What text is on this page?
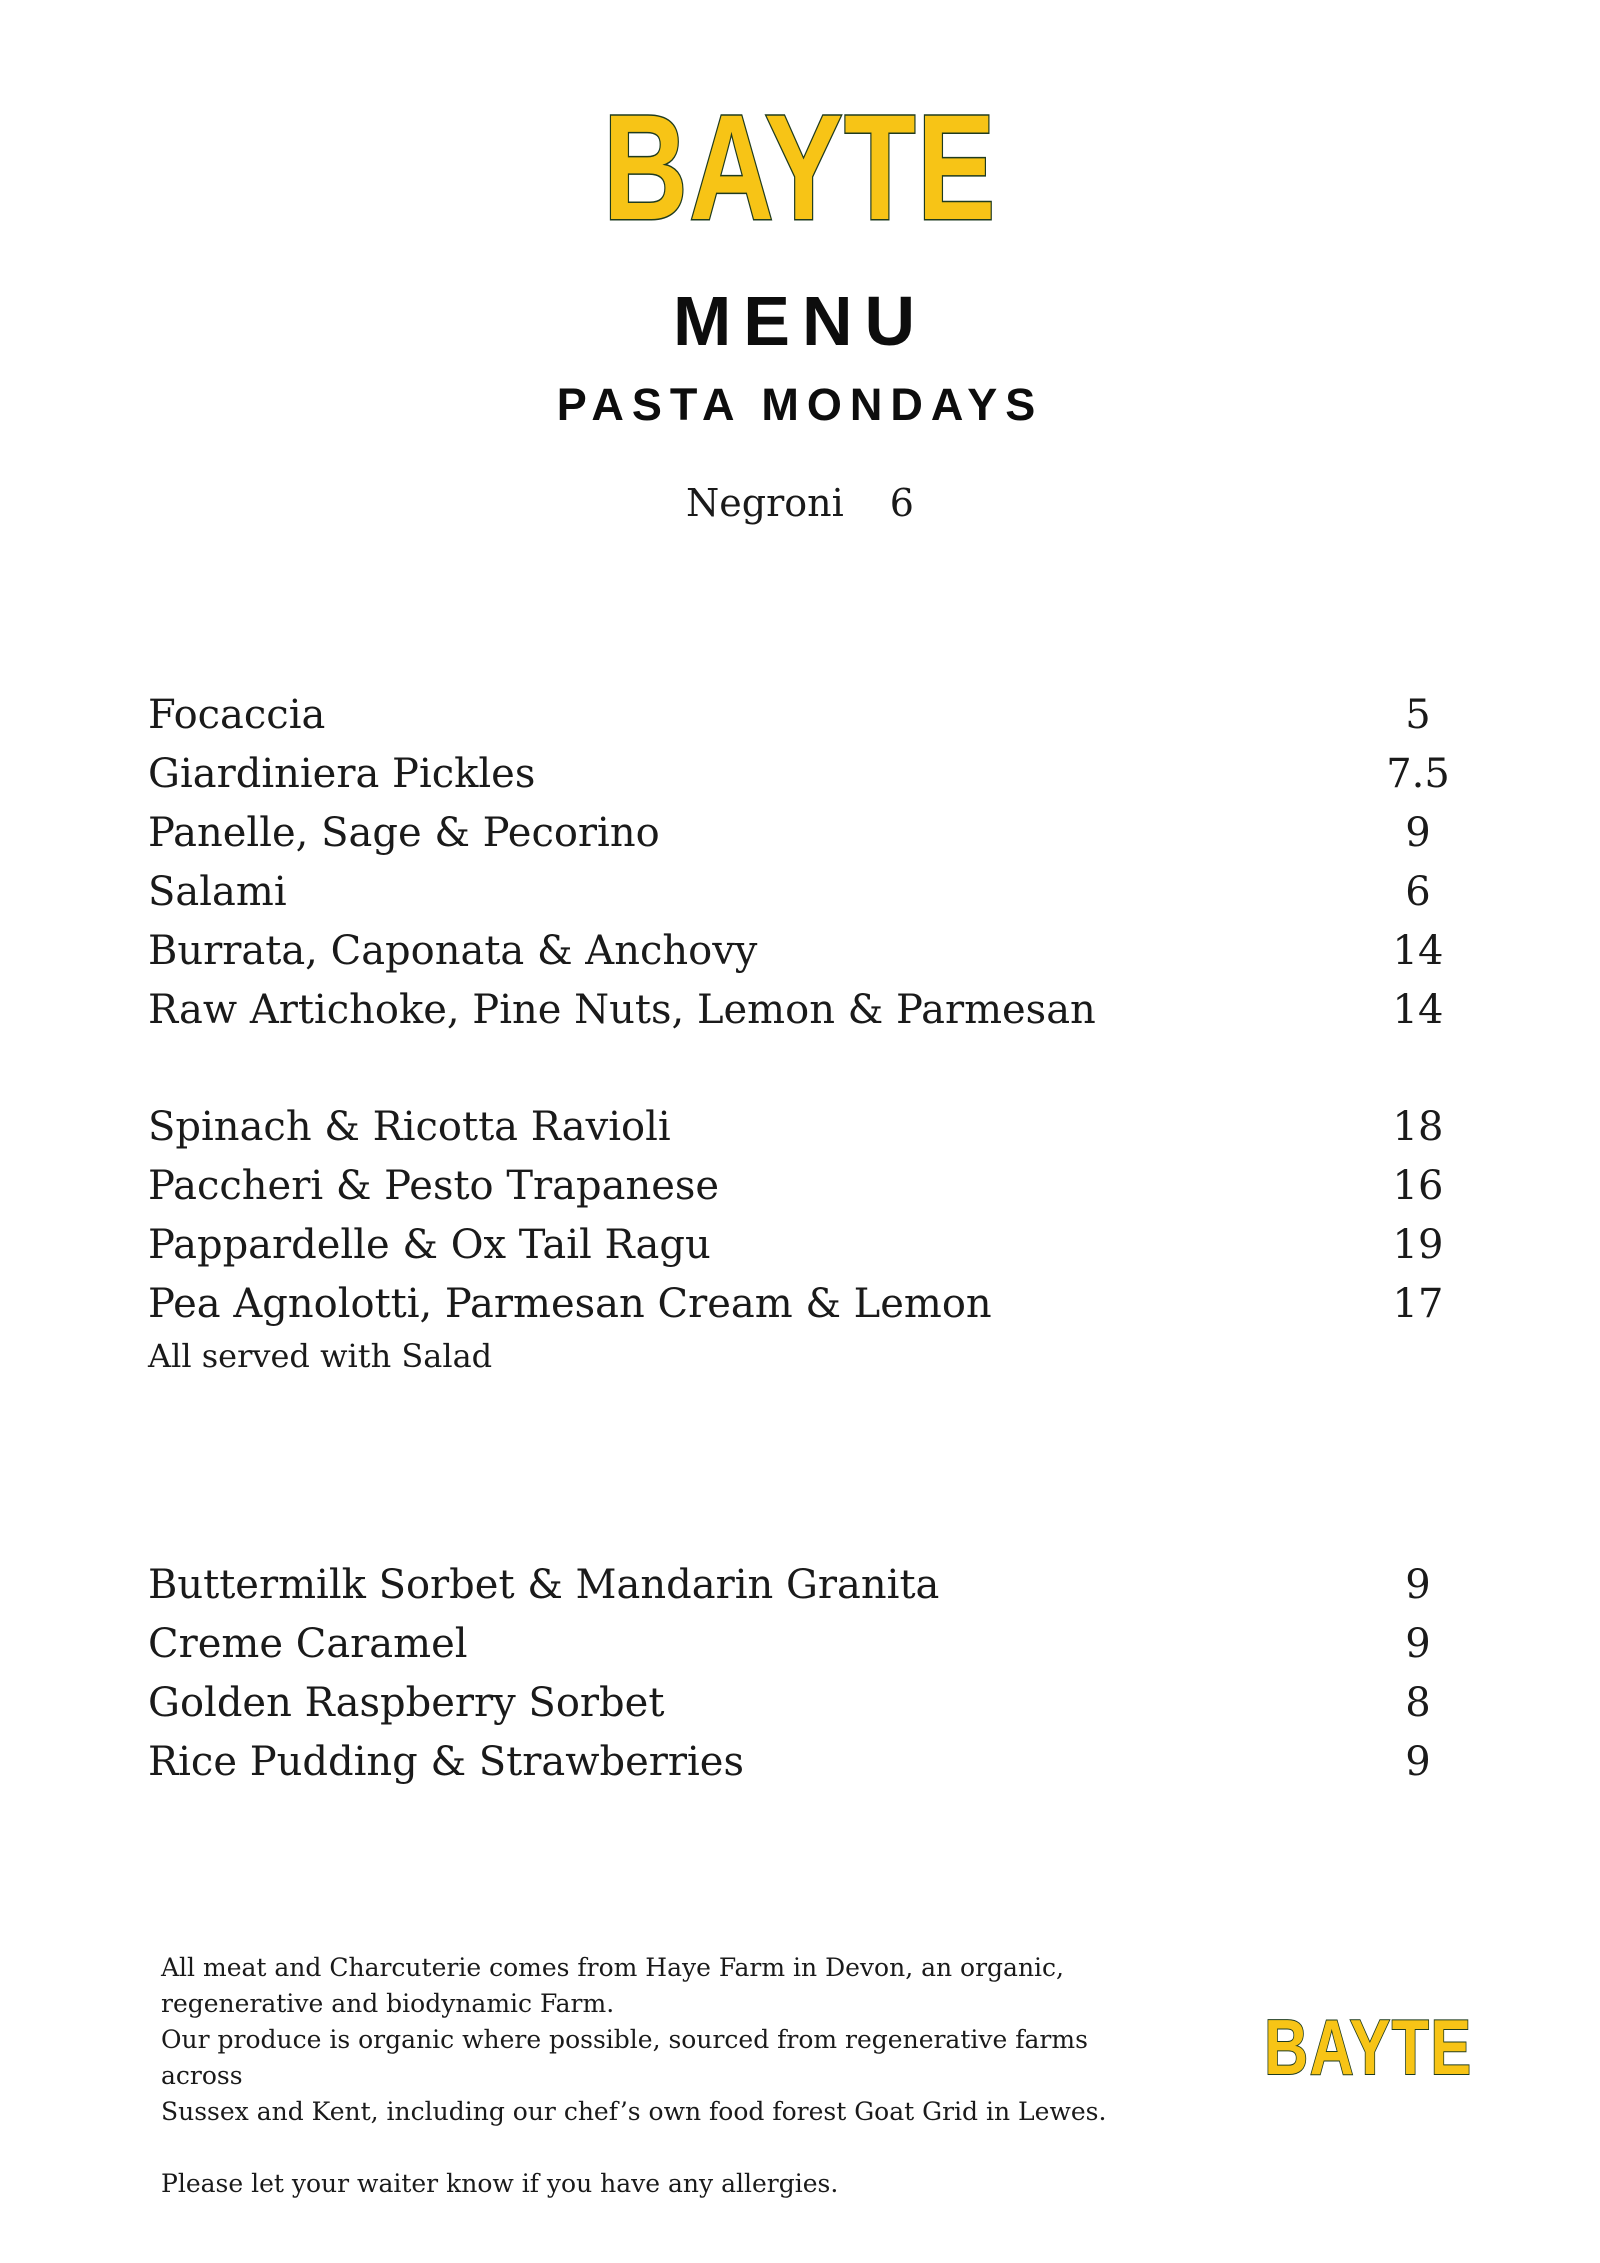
BAYTE
MENU
PASTA MONDAYS
Negroni 6
Focaccia	5
Giardiniera Pickles	7.5
Panelle, Sage & Pecorino	9
Salami	6
Burrata, Caponata & Anchovy	14
Raw Artichoke, Pine Nuts, Lemon & Parmesan	14
Spinach & Ricotta Ravioli	18
Paccheri & Pesto Trapanese	16
Pappardelle & Ox Tail Ragu	19
Pea Agnolotti, Parmesan Cream & Lemon	17
All served with Salad
Buttermilk Sorbet & Mandarin Granita	9
Creme Caramel	9
Golden Raspberry Sorbet	8
Rice Pudding & Strawberries	9

All meat and Charcuterie comes from Haye Farm in Devon, an organic,

regenerative and biodynamic Farm.

Our produce is organic where possible, sourced from regenerative farms across

Sussex and Kent, including our chef’s own food forest Goat Grid in Lewes.

Please let your waiter know if you have any allergies.

BAYTE
